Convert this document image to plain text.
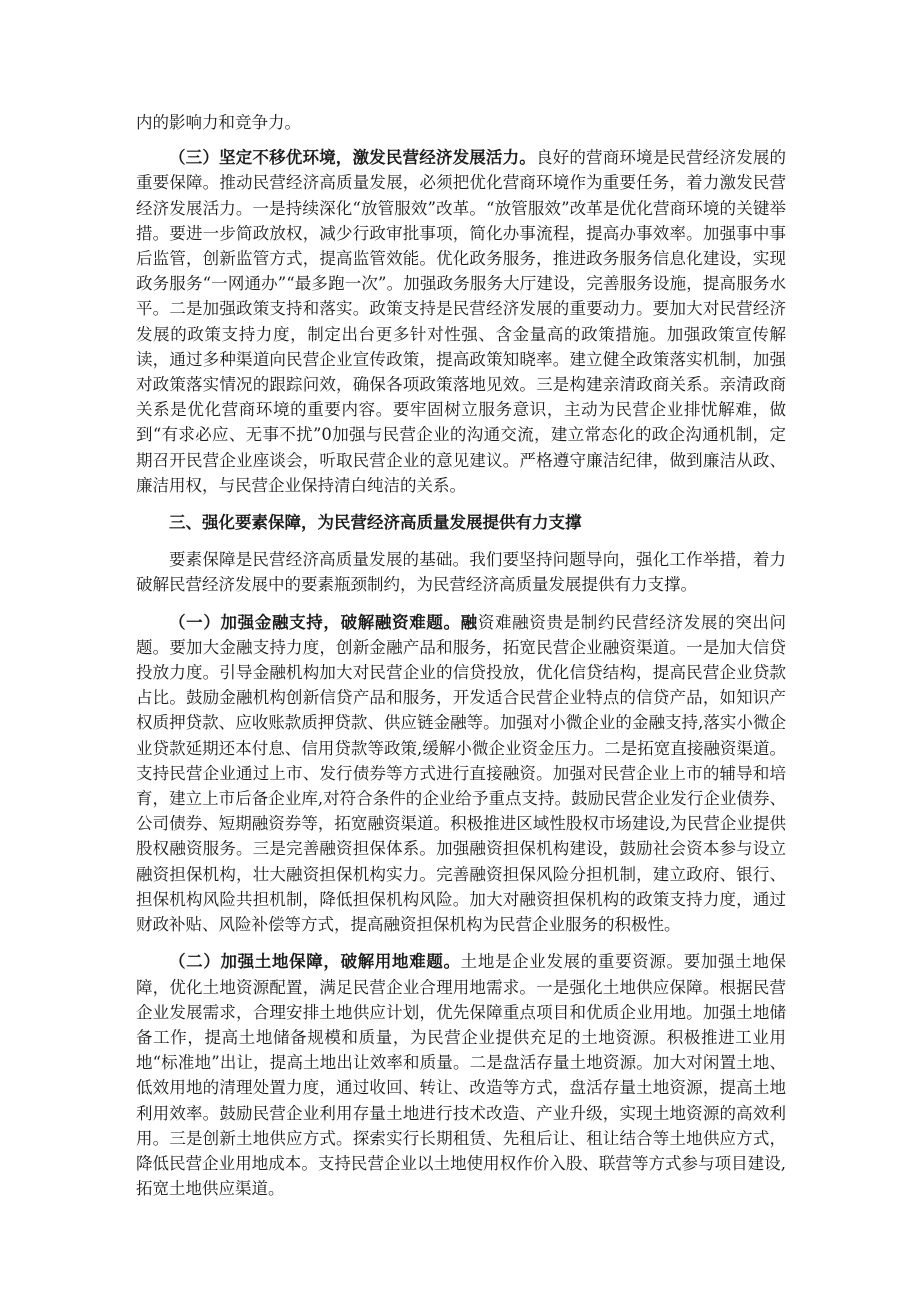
内的影响力和竞争力。

（三）坚定不移优环境，激发民营经济发展活力。良好的营商环境是民营经济发展的重要保障。推动民营经济高质量发展，必须把优化营商环境作为重要任务，着力激发民营经济发展活力。一是持续深化“放管服效”改革。“放管服效”改革是优化营商环境的关键举措。要进一步简政放权，减少行政审批事项，简化办事流程，提高办事效率。加强事中事后监管，创新监管方式，提高监管效能。优化政务服务，推进政务服务信息化建设，实现政务服务“一网通办”“最多跑一次”。加强政务服务大厅建设，完善服务设施，提高服务水平。二是加强政策支持和落实。政策支持是民营经济发展的重要动力。要加大对民营经济发展的政策支持力度，制定出台更多针对性强、含金量高的政策措施。加强政策宣传解读，通过多种渠道向民营企业宣传政策，提高政策知晓率。建立健全政策落实机制，加强对政策落实情况的跟踪问效，确保各项政策落地见效。三是构建亲清政商关系。亲清政商关系是优化营商环境的重要内容。要牢固树立服务意识，主动为民营企业排忧解难，做到“有求必应、无事不扰”0加强与民营企业的沟通交流，建立常态化的政企沟通机制，定期召开民营企业座谈会，听取民营企业的意见建议。严格遵守廉洁纪律，做到廉洁从政、廉洁用权，与民营企业保持清白纯洁的关系。

三、强化要素保障，为民营经济高质量发展提供有力支撑

要素保障是民营经济高质量发展的基础。我们要坚持问题导向，强化工作举措，着力破解民营经济发展中的要素瓶颈制约，为民营经济高质量发展提供有力支撑。

（一）加强金融支持，破解融资难题。融资难融资贵是制约民营经济发展的突出问题。要加大金融支持力度，创新金融产品和服务，拓宽民营企业融资渠道。一是加大信贷投放力度。引导金融机构加大对民营企业的信贷投放，优化信贷结构，提高民营企业贷款占比。鼓励金融机构创新信贷产品和服务，开发适合民营企业特点的信贷产品，如知识产权质押贷款、应收账款质押贷款、供应链金融等。加强对小微企业的金融支持,落实小微企业贷款延期还本付息、信用贷款等政策,缓解小微企业资金压力。二是拓宽直接融资渠道。支持民营企业通过上市、发行债券等方式进行直接融资。加强对民营企业上市的辅导和培育，建立上市后备企业库,对符合条件的企业给予重点支持。鼓励民营企业发行企业债券、公司债券、短期融资券等，拓宽融资渠道。积极推进区域性股权市场建设,为民营企业提供股权融资服务。三是完善融资担保体系。加强融资担保机构建设，鼓励社会资本参与设立融资担保机构，壮大融资担保机构实力。完善融资担保风险分担机制，建立政府、银行、担保机构风险共担机制，降低担保机构风险。加大对融资担保机构的政策支持力度，通过财政补贴、风险补偿等方式，提高融资担保机构为民营企业服务的积极性。

（二）加强土地保障，破解用地难题。土地是企业发展的重要资源。要加强土地保障，优化土地资源配置，满足民营企业合理用地需求。一是强化土地供应保障。根据民营企业发展需求，合理安排土地供应计划，优先保障重点项目和优质企业用地。加强土地储备工作，提高土地储备规模和质量，为民营企业提供充足的土地资源。积极推进工业用地“标准地”出让，提高土地出让效率和质量。二是盘活存量土地资源。加大对闲置土地、低效用地的清理处置力度，通过收回、转让、改造等方式，盘活存量土地资源，提高土地利用效率。鼓励民营企业利用存量土地进行技术改造、产业升级，实现土地资源的高效利用。三是创新土地供应方式。探索实行长期租赁、先租后让、租让结合等土地供应方式，降低民营企业用地成本。支持民营企业以土地使用权作价入股、联营等方式参与项目建设,拓宽土地供应渠道。
